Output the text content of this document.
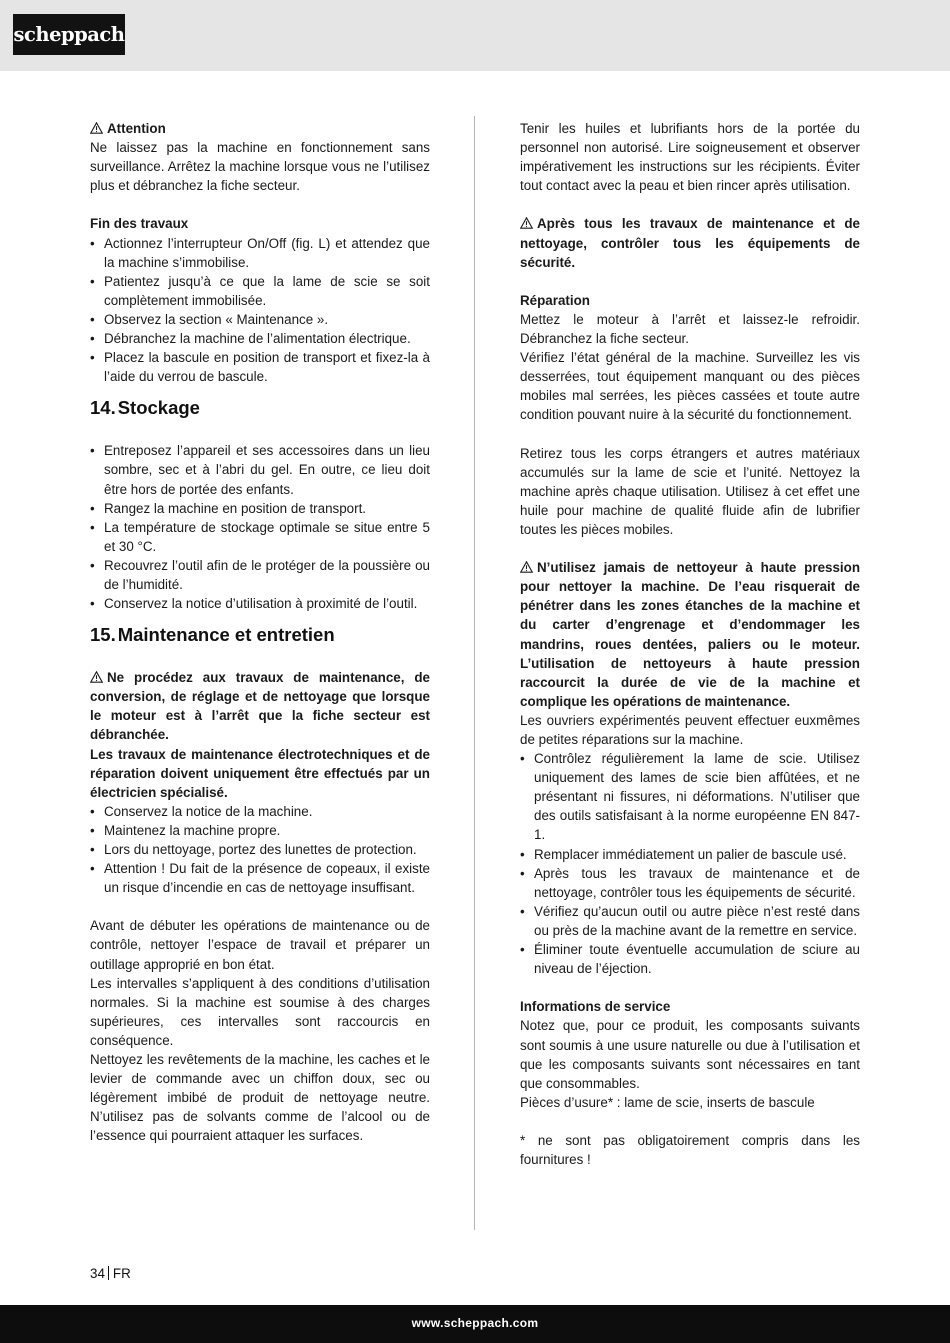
scheppach

Attention

Ne laissez pas la machine en fonctionnement sans surveillance. Arrêtez la machine lorsque vous ne l’utilisez plus et débranchez la fiche secteur.

Fin des travaux

• Actionnez l’interrupteur On/Off (fig. L) et attendez que la machine s’immobilise.
• Patientez jusqu’à ce que la lame de scie se soit complètement immobilisée.
• Observez la section « Maintenance ».
• Débranchez la machine de l’alimentation électrique.
• Placez la bascule en position de transport et fixez-la à l’aide du verrou de bascule.
14. Stockage
• Entreposez l’appareil et ses accessoires dans un lieu sombre, sec et à l’abri du gel. En outre, ce lieu doit être hors de portée des enfants.
• Rangez la machine en position de transport.
• La température de stockage optimale se situe entre 5 et 30 °C.
• Recouvrez l’outil afin de le protéger de la poussière ou de l’humidité.
• Conservez la notice d’utilisation à proximité de l’outil.
15. Maintenance et entretien

Ne procédez aux travaux de maintenance, de conversion, de réglage et de nettoyage que lorsque le moteur est à l’arrêt que la fiche secteur est débranchée.

Les travaux de maintenance électrotechniques et de réparation doivent uniquement être effectués par un électricien spécialisé.

• Conservez la notice de la machine.
• Maintenez la machine propre.
• Lors du nettoyage, portez des lunettes de protection.
• Attention ! Du fait de la présence de copeaux, il existe un risque d’incendie en cas de nettoyage insuffisant.

Avant de débuter les opérations de maintenance ou de contrôle, nettoyer l’espace de travail et préparer un outillage approprié en bon état.

Les intervalles s’appliquent à des conditions d’utilisation normales. Si la machine est soumise à des charges supérieures, ces intervalles sont raccourcis en conséquence.

Nettoyez les revêtements de la machine, les caches et le levier de commande avec un chiffon doux, sec ou légèrement imbibé de produit de nettoyage neutre. N’utilisez pas de solvants comme de l’alcool ou de l’essence qui pourraient attaquer les surfaces.

Tenir les huiles et lubrifiants hors de la portée du personnel non autorisé. Lire soigneusement et observer impérativement les instructions sur les récipients. Éviter tout contact avec la peau et bien rincer après utilisation.

Après tous les travaux de maintenance et de nettoyage, contrôler tous les équipements de sécurité.

Réparation

Mettez le moteur à l’arrêt et laissez-le refroidir. Débranchez la fiche secteur.

Vérifiez l’état général de la machine. Surveillez les vis desserrées, tout équipement manquant ou des pièces mobiles mal serrées, les pièces cassées et toute autre condition pouvant nuire à la sécurité du fonctionnement.

Retirez tous les corps étrangers et autres matériaux accumulés sur la lame de scie et l’unité. Nettoyez la machine après chaque utilisation. Utilisez à cet effet une huile pour machine de qualité fluide afin de lubrifier toutes les pièces mobiles.

N’utilisez jamais de nettoyeur à haute pression pour nettoyer la machine. De l’eau risquerait de pénétrer dans les zones étanches de la machine et du carter d’engrenage et d’endommager les mandrins, roues dentées, paliers ou le moteur. L’utilisation de nettoyeurs à haute pression raccourcit la durée de vie de la machine et complique les opérations de maintenance.

Les ouvriers expérimentés peuvent effectuer euxmêmes de petites réparations sur la machine.

• Contrôlez régulièrement la lame de scie. Utilisez uniquement des lames de scie bien affûtées, et ne présentant ni fissures, ni déformations. N’utiliser que des outils satisfaisant à la norme européenne EN 847-1.
• Remplacer immédiatement un palier de bascule usé.
• Après tous les travaux de maintenance et de nettoyage, contrôler tous les équipements de sécurité.
• Vérifiez qu’aucun outil ou autre pièce n’est resté dans ou près de la machine avant de la remettre en service.
• Éliminer toute éventuelle accumulation de sciure au niveau de l’éjection.

Informations de service

Notez que, pour ce produit, les composants suivants sont soumis à une usure naturelle ou due à l’utilisation et que les composants suivants sont nécessaires en tant que consommables.

Pièces d’usure* : lame de scie, inserts de bascule

* ne sont pas obligatoirement compris dans les fournitures !

34 FR
www.scheppach.com
